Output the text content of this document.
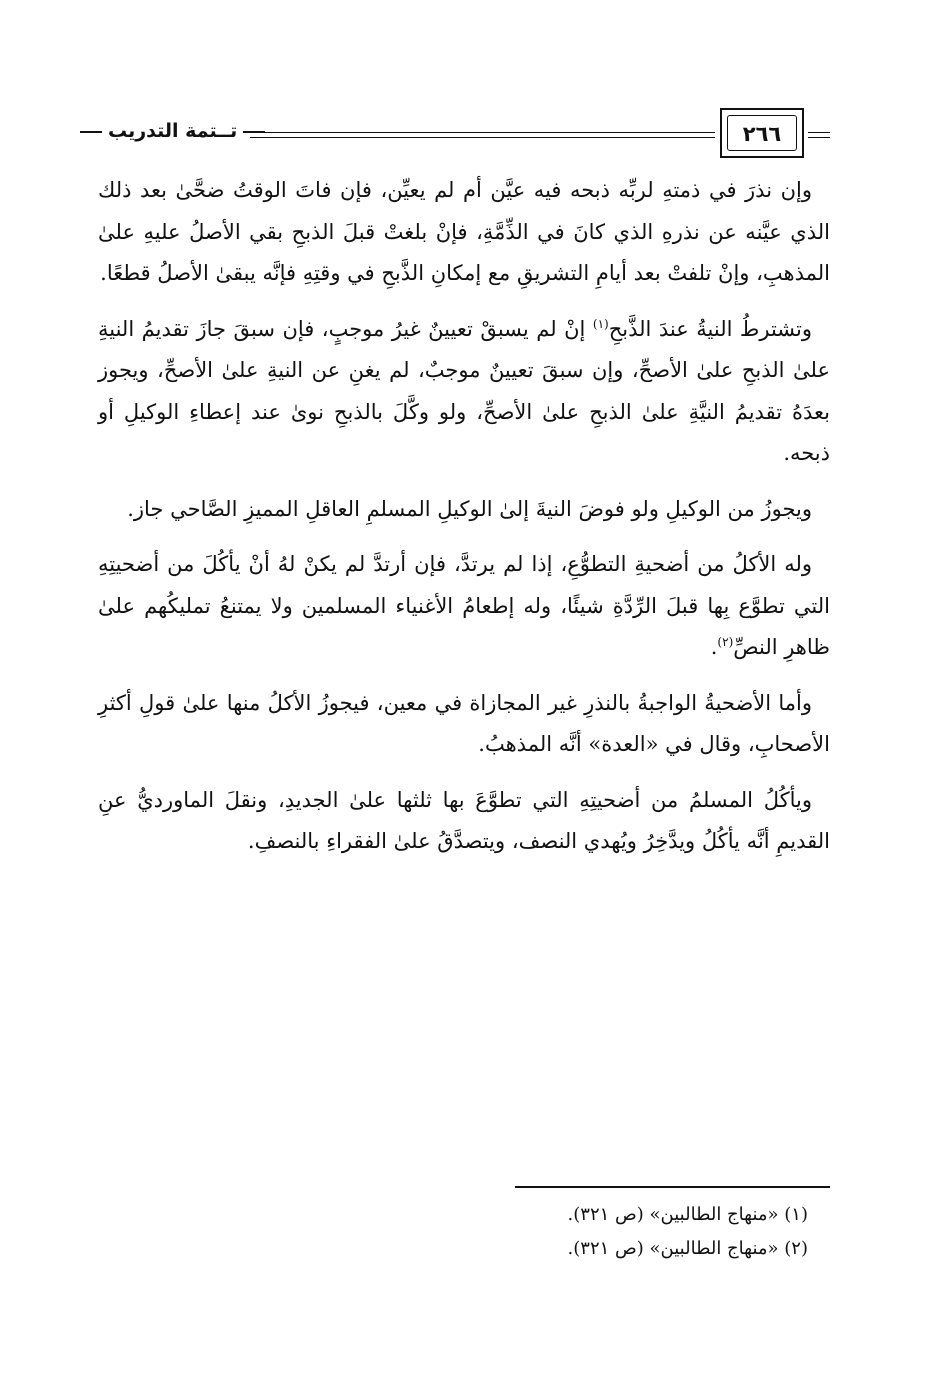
تــتمة التدريب	٢٦٦

وإن نذرَ في ذمتهِ لربِّه ذبحه فيه عيَّن أم لم يعيِّن، فإن فاتَ الوقتُ ضحَّىٰ بعد ذلك الذي عيَّنه عن نذرهِ الذي كانَ في الذِّمَّةِ، فإنْ بلغتْ قبلَ الذبحِ بقي الأصلُ عليهِ علىٰ المذهبِ، وإنْ تلفتْ بعد أيامِ التشريقِ مع إمكانِ الذَّبحِ في وقتِهِ فإنَّه يبقىٰ الأصلُ قطعًا.

وتشترطُ النيةُ عندَ الذَّبحِ$^{(١)}$ إنْ لم يسبقْ تعيينٌ غيرُ موجبٍ، فإن سبقَ جازَ تقديمُ النيةِ علىٰ الذبحِ علىٰ الأصحِّ، وإن سبقَ تعيينٌ موجبٌ، لم يغنِ عن النيةِ علىٰ الأصحِّ، ويجوز بعدَهُ تقديمُ النيَّةِ علىٰ الذبحِ علىٰ الأصحِّ، ولو وكَّلَ بالذبحِ نوىٰ عند إعطاءِ الوكيلِ أو ذبحه.

ويجوزُ من الوكيلِ ولو فوضَ النيةَ إلىٰ الوكيلِ المسلمِ العاقلِ المميزِ الصَّاحي جاز.

وله الأكلُ من أضحيةِ التطوُّعِ، إذا لم يرتدَّ، فإن أرتدَّ لم يكنْ لهُ أنْ يأكُلَ من أضحيتِهِ التي تطوَّع بِها قبلَ الرِّدَّةِ شيئًا، وله إطعامُ الأغنياء المسلمين ولا يمتنعُ تمليكُهم علىٰ ظاهرِ النصِّ$^{(٢)}$.

وأما الأضحيةُ الواجبةُ بالنذرِ غير المجازاة في معين، فيجوزُ الأكلُ منها علىٰ قولِ أكثرِ الأصحابِ، وقال في «العدة» أنَّه المذهبُ.

ويأكُلُ المسلمُ من أضحيتِهِ التي تطوَّعَ بها ثلثها علىٰ الجديدِ، ونقلَ الماورديُّ عنِ القديمِ أنَّه يأكُلُ ويدَّخِرُ ويُهدي النصف، ويتصدَّقُ علىٰ الفقراءِ بالنصفِ.

(١) «منهاج الطالبين» (ص ٣٢١).
(٢) «منهاج الطالبين» (ص ٣٢١).
